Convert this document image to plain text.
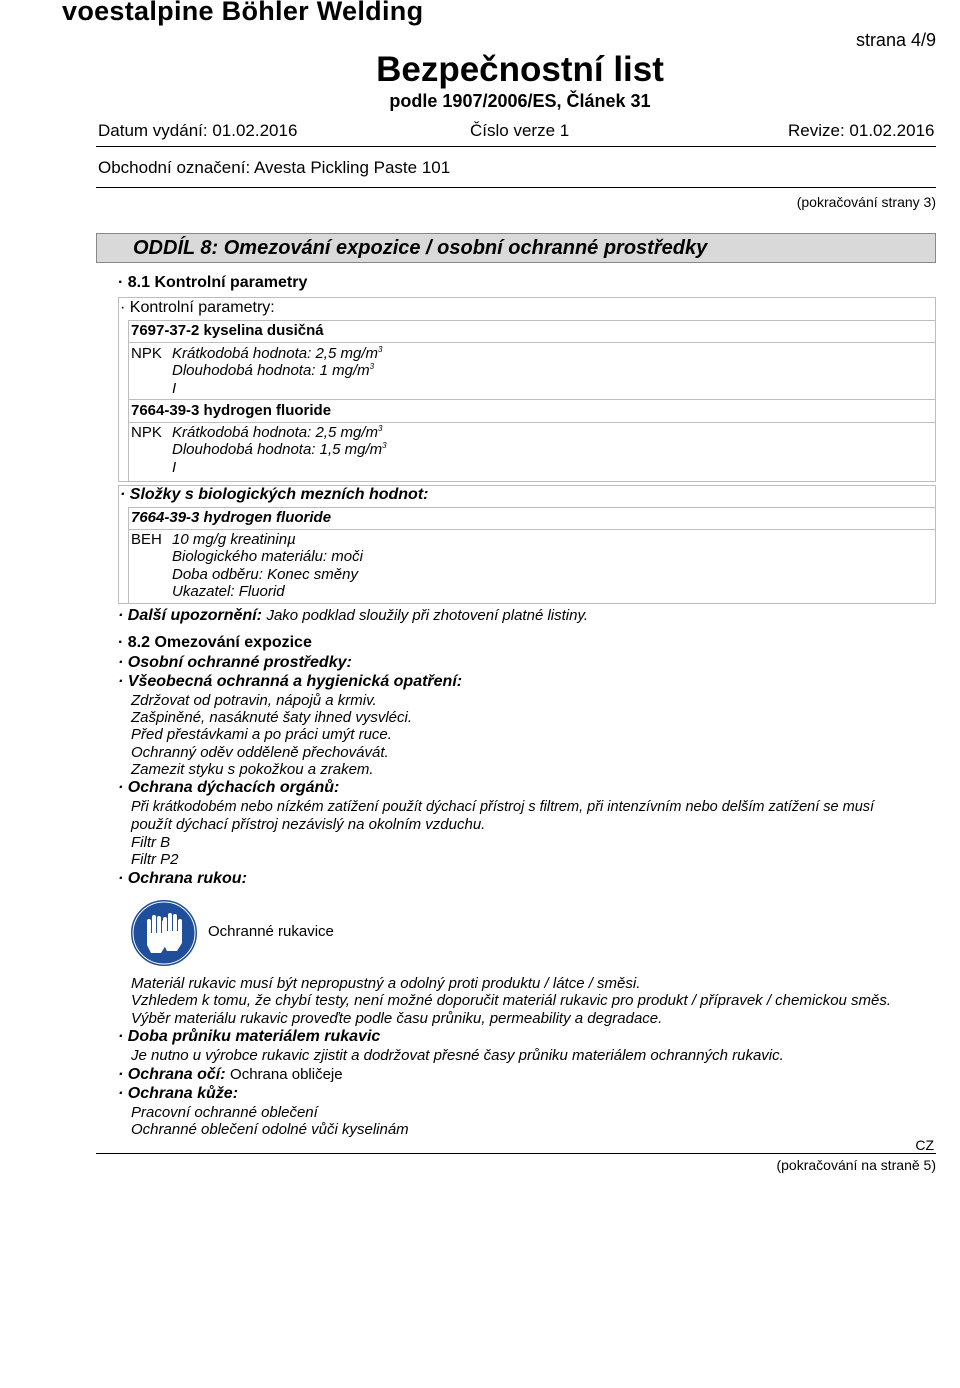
voestalpine Böhler Welding
strana 4/9
Bezpečnostní list
podle 1907/2006/ES, Článek 31
Datum vydání: 01.02.2016	Číslo verze 1	Revize: 01.02.2016
Obchodní označení: Avesta Pickling Paste 101
(pokračování strany 3)
ODDÍL 8: Omezování expozice / osobní ochranné prostředky
· 8.1 Kontrolní parametry
· Kontrolní parametry:
7697-37-2 kyselina dusičná
NPK Krátkodobá hodnota: 2,5 $mg/m^3$
Dlouhodobá hodnota: 1 $mg/m^3$
I
7664-39-3 hydrogen fluoride
NPK Krátkodobá hodnota: 2,5 $mg/m^3$
Dlouhodobá hodnota: 1,5 $mg/m^3$
I
· Složky s biologických mezních hodnot:
7664-39-3 hydrogen fluoride
BEH 10 mg/g kreatininµ
Biologického materiálu: moči
Doba odběru: Konec směny
Ukazatel: Fluorid
· Další upozornění: Jako podklad sloužily při zhotovení platné listiny.
· 8.2 Omezování expozice
· Osobní ochranné prostředky:
· Všeobecná ochranná a hygienická opatření:
Zdržovat od potravin, nápojů a krmiv.
Zašpiněné, nasáknuté šaty ihned vysvléci.
Před přestávkami a po práci umýt ruce.
Ochranný oděv odděleně přechovávát.
Zamezit styku s pokožkou a zrakem.
· Ochrana dýchacích orgánů:
Při krátkodobém nebo nízkém zatížení použít dýchací přístroj s filtrem, při intenzívním nebo delším zatížení se musí
použít dýchací přístroj nezávislý na okolním vzduchu.
Filtr B
Filtr P2
· Ochrana rukou:
Ochranné rukavice
Materiál rukavic musí být nepropustný a odolný proti produktu / látce / směsi.
Vzhledem k tomu, že chybí testy, není možné doporučit materiál rukavic pro produkt / přípravek / chemickou směs.
Výběr materiálu rukavic proveďte podle času průniku, permeability a degradace.
· Doba průniku materiálem rukavic
Je nutno u výrobce rukavic zjistit a dodržovat přesné časy průniku materiálem ochranných rukavic.
· Ochrana očí: Ochrana obličeje
· Ochrana kůže:
Pracovní ochranné oblečení
Ochranné oblečení odolné vůči kyselinám
CZ
(pokračování na straně 5)
